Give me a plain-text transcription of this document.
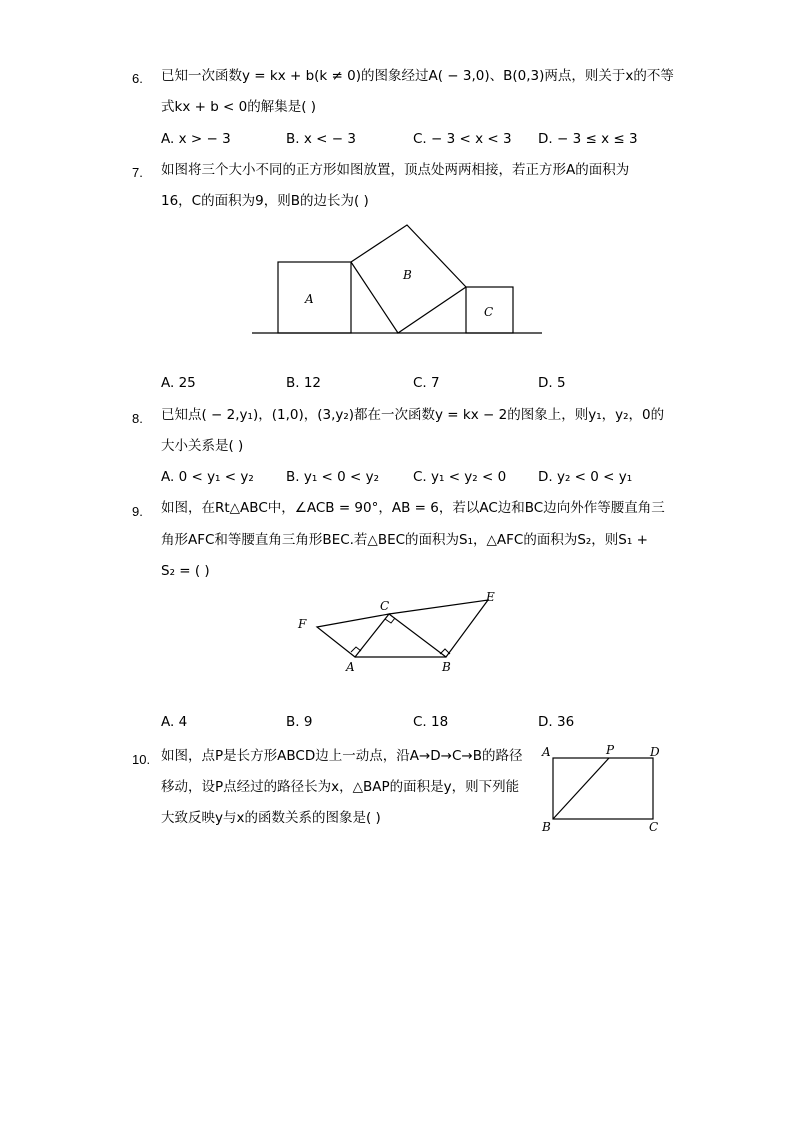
6. 已知一次函数y = kx + b(k ≠ 0)的图象经过A( − 3,0)、B(0,3)两点，则关于x的不等
式kx + b < 0的解集是( )
A. x > − 3	B. x < − 3	C. − 3 < x < 3 D. − 3 ≤ x ≤ 3
7. 如图将三个大小不同的正方形如图放置，顶点处两两相接，若正方形A的面积为
16，C的面积为9，则B的边长为( )
A
B
C
A. 25	B. 12	C. 7	D. 5
8. 已知点( − 2,y₁)，(1,0)，(3,y₂)都在一次函数y = kx − 2的图象上，则y₁，y₂，0的
大小关系是( )
A. 0 < y₁ < y₂ B. y₁ < 0 < y₂	C. y₁ < y₂ < 0 D. y₂ < 0 < y₁
9. 如图，在Rt△ABC中，∠ACB = 90°，AB = 6，若以AC边和BC边向外作等腰直角三
角形AFC和等腰直角三角形BEC.若△BEC的面积为S₁，△AFC的面积为S₂，则S₁ +
S₂ = ( )
F
C
E
A	B
A. 4	B. 9	C. 18	D. 36
10. 如图，点P是长方形ABCD边上一动点，沿A→D→C→B的路径
移动，设P点经过的路径长为x，△BAP的面积是y，则下列能
大致反映y与x的函数关系的图象是( )
A	P	D
B	C
